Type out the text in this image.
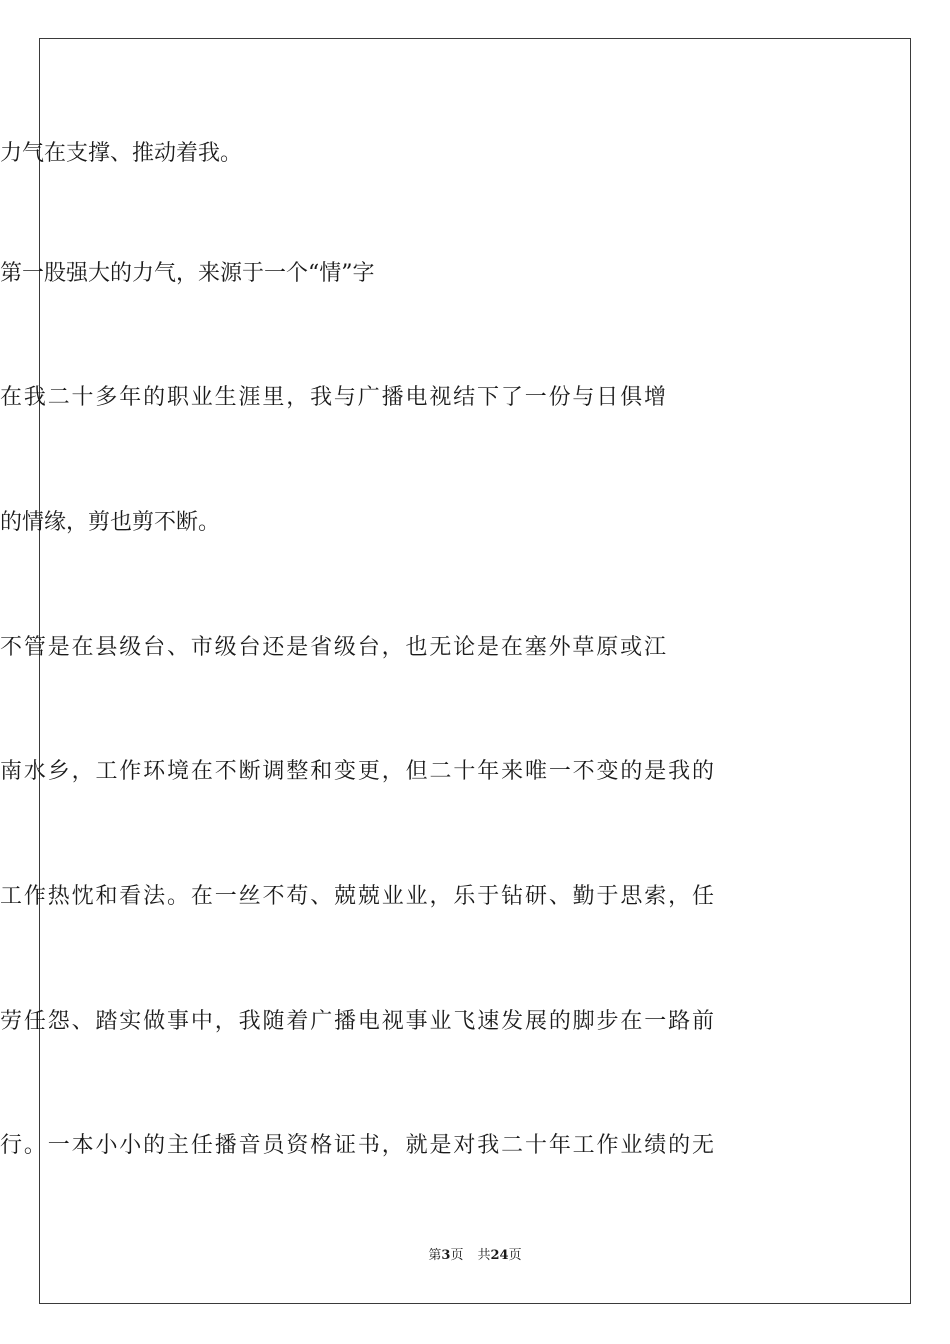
力气在支撑、推动着我。
第一股强大的力气，来源于一个“情”字
在我二十多年的职业生涯里，我与广播电视结下了一份与日俱增
的情缘，剪也剪不断。
不管是在县级台、市级台还是省级台，也无论是在塞外草原或江
南水乡，工作环境在不断调整和变更，但二十年来唯一不变的是我的
工作热忱和看法。在一丝不苟、兢兢业业，乐于钻研、勤于思索，任
劳任怨、踏实做事中，我随着广播电视事业飞速发展的脚步在一路前
行。一本小小的主任播音员资格证书，就是对我二十年工作业绩的无
第3页 共24页
